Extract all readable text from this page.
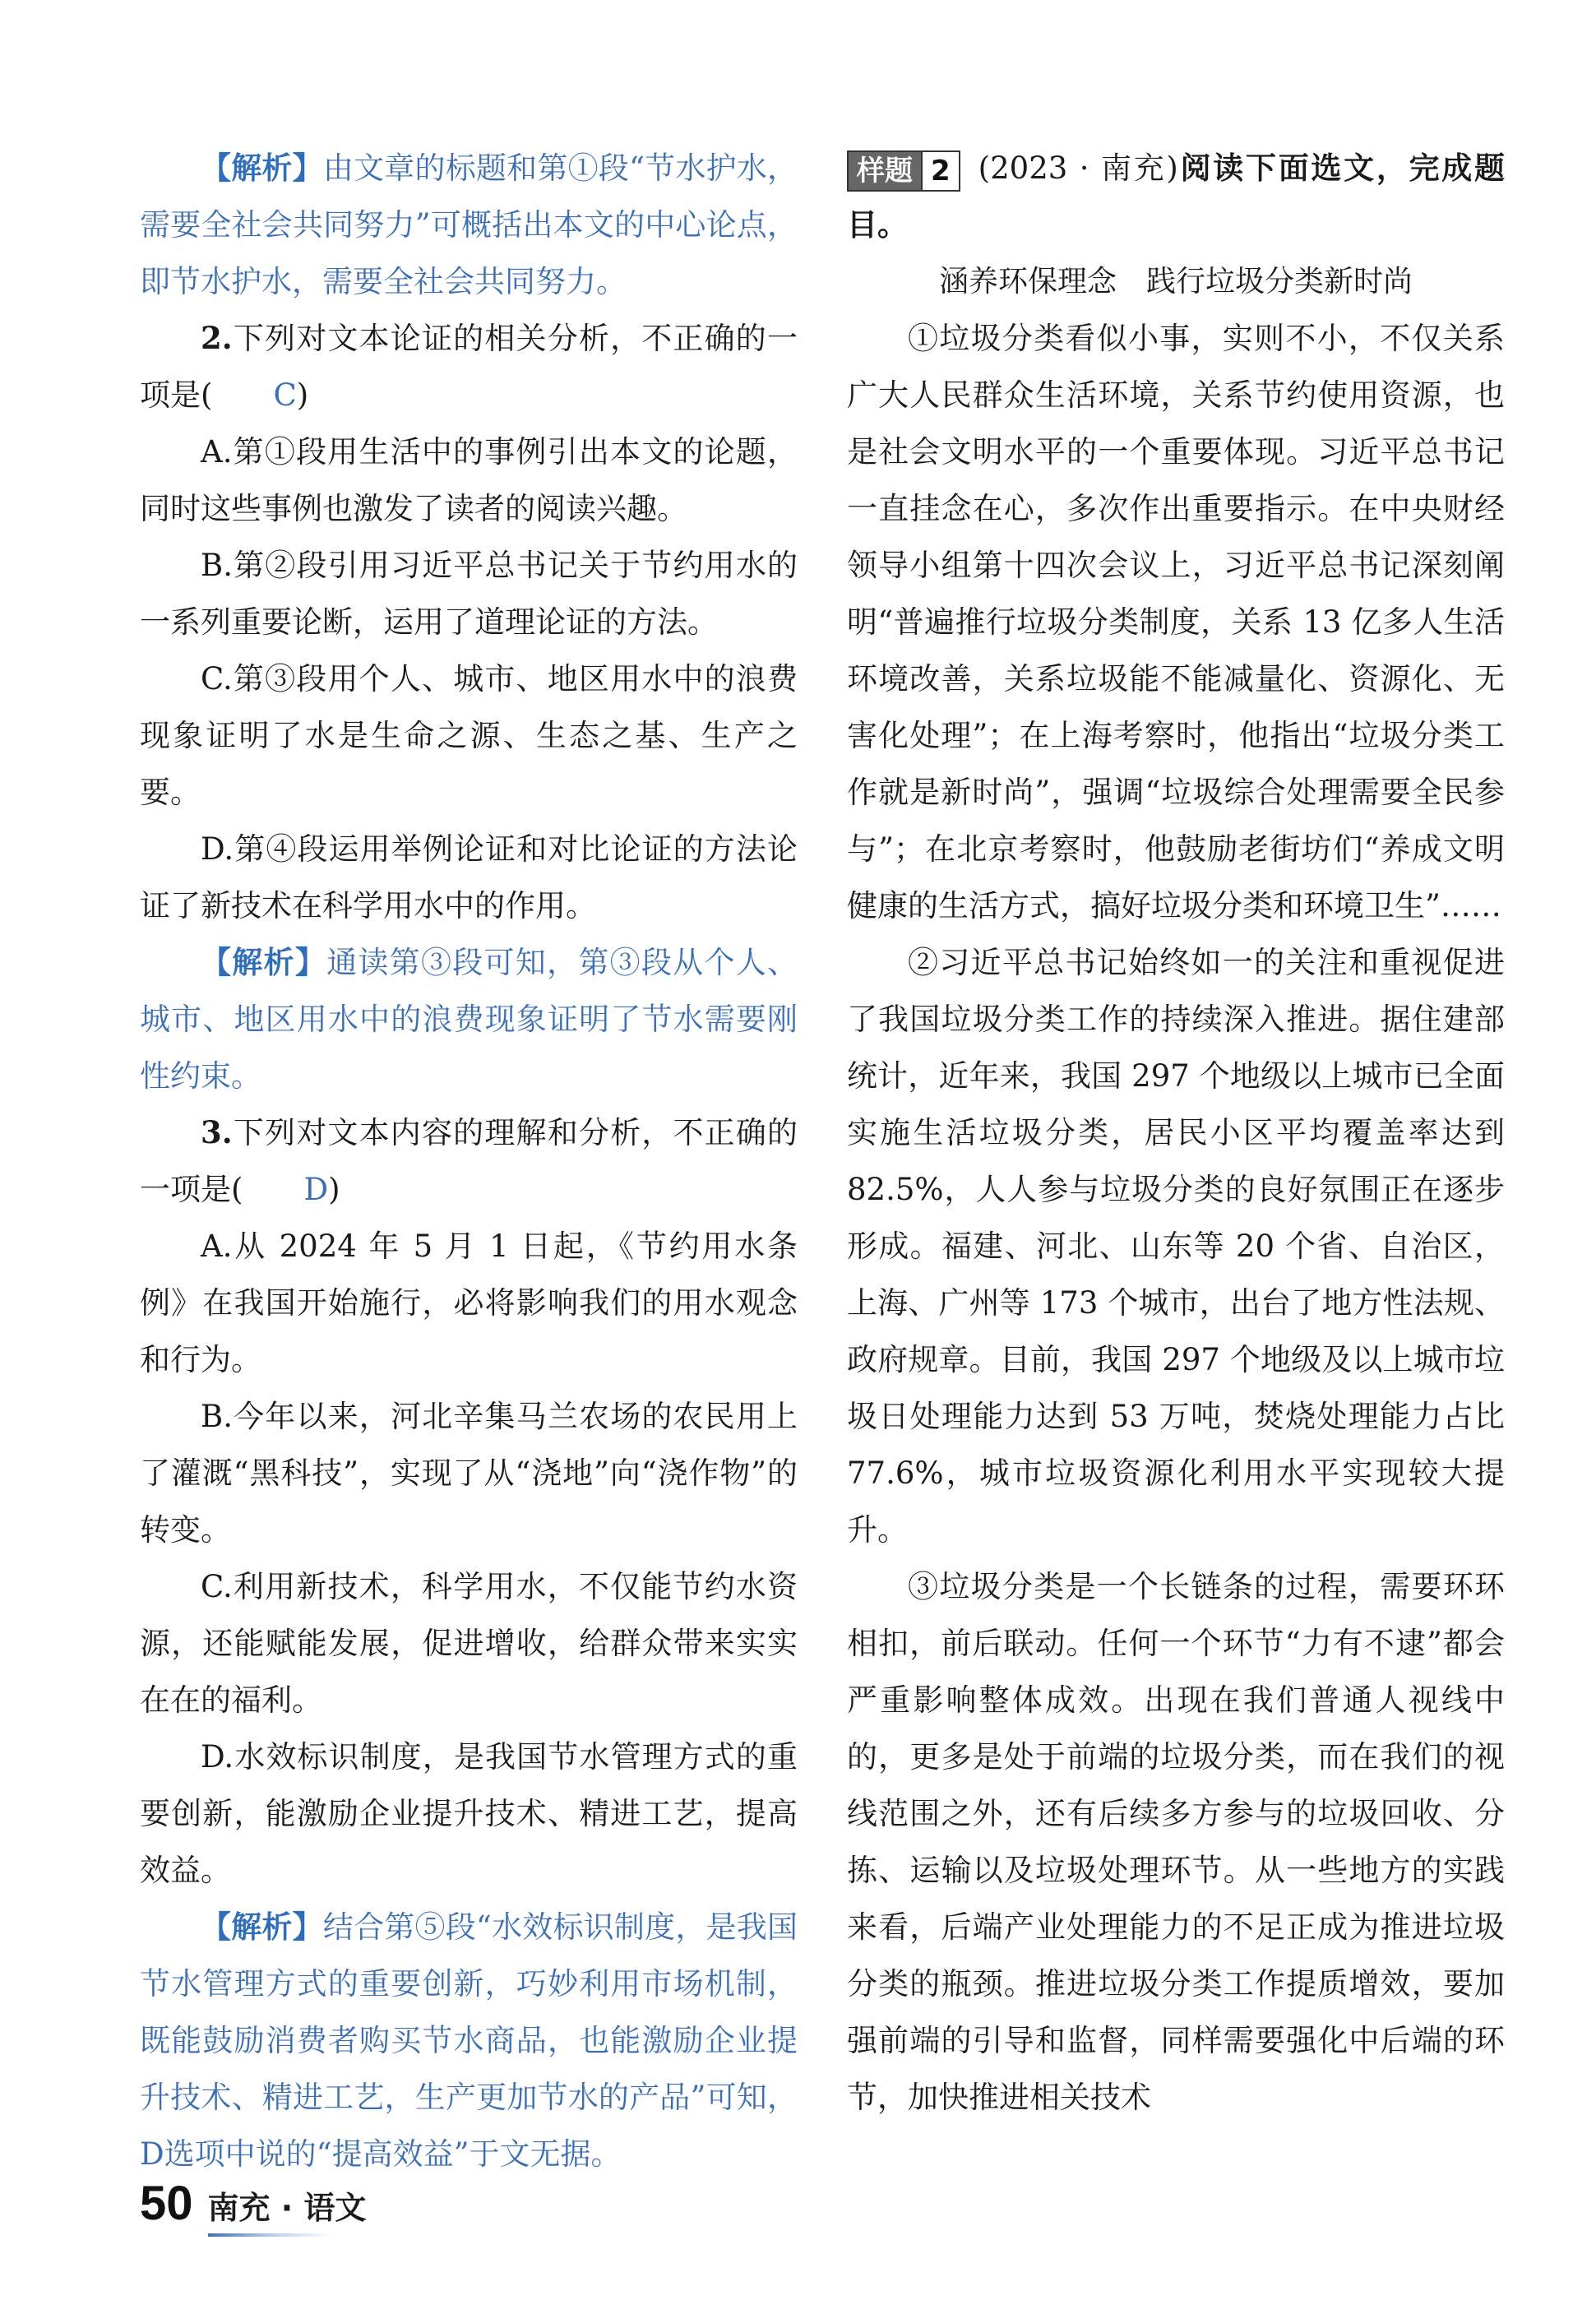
【解析】由文章的标题和第①段“节水护水，需要全社会共同努力”可概括出本文的中心论点，即节水护水，需要全社会共同努力。

2.下列对文本论证的相关分析，不正确的一项是( C)

A.第①段用生活中的事例引出本文的论题，同时这些事例也激发了读者的阅读兴趣。

B.第②段引用习近平总书记关于节约用水的一系列重要论断，运用了道理论证的方法。

C.第③段用个人、城市、地区用水中的浪费现象证明了水是生命之源、生态之基、生产之要。

D.第④段运用举例论证和对比论证的方法论证了新技术在科学用水中的作用。

【解析】通读第③段可知，第③段从个人、城市、地区用水中的浪费现象证明了节水需要刚性约束。

3.下列对文本内容的理解和分析，不正确的一项是( D)

A.从 2024 年 5 月 1 日起，《节约用水条例》在我国开始施行，必将影响我们的用水观念和行为。

B.今年以来，河北辛集马兰农场的农民用上了灌溉“黑科技”，实现了从“浇地”向“浇作物”的转变。

C.利用新技术，科学用水，不仅能节约水资源，还能赋能发展，促进增收，给群众带来实实在在的福利。

D.水效标识制度，是我国节水管理方式的重要创新，能激励企业提升技术、精进工艺，提高效益。

【解析】结合第⑤段“水效标识制度，是我国节水管理方式的重要创新，巧妙利用市场机制，既能鼓励消费者购买节水商品，也能激励企业提升技术、精进工艺，生产更加节水的产品”可知，D选项中说的“提高效益”于文无据。

样题 2 (2023 · 南充)阅读下面选文，完成题目。

涵养环保理念　践行垃圾分类新时尚

①垃圾分类看似小事，实则不小，不仅关系广大人民群众生活环境，关系节约使用资源，也是社会文明水平的一个重要体现。习近平总书记一直挂念在心，多次作出重要指示。在中央财经领导小组第十四次会议上，习近平总书记深刻阐明“普遍推行垃圾分类制度，关系 13 亿多人生活环境改善，关系垃圾能不能减量化、资源化、无害化处理”；在上海考察时，他指出“垃圾分类工作就是新时尚”，强调“垃圾综合处理需要全民参与”；在北京考察时，他鼓励老街坊们“养成文明健康的生活方式，搞好垃圾分类和环境卫生”……

②习近平总书记始终如一的关注和重视促进了我国垃圾分类工作的持续深入推进。据住建部统计，近年来，我国 297 个地级以上城市已全面实施生活垃圾分类，居民小区平均覆盖率达到 82.5%，人人参与垃圾分类的良好氛围正在逐步形成。福建、河北、山东等 20 个省、自治区，上海、广州等 173 个城市，出台了地方性法规、政府规章。目前，我国 297 个地级及以上城市垃圾日处理能力达到 53 万吨，焚烧处理能力占比 77.6%，城市垃圾资源化利用水平实现较大提升。

③垃圾分类是一个长链条的过程，需要环环相扣，前后联动。任何一个环节“力有不逮”都会严重影响整体成效。出现在我们普通人视线中的，更多是处于前端的垃圾分类，而在我们的视线范围之外，还有后续多方参与的垃圾回收、分拣、运输以及垃圾处理环节。从一些地方的实践来看，后端产业处理能力的不足正成为推进垃圾分类的瓶颈。推进垃圾分类工作提质增效，要加强前端的引导和监督，同样需要强化中后端的环节，加快推进相关技术

50 南充 · 语文
